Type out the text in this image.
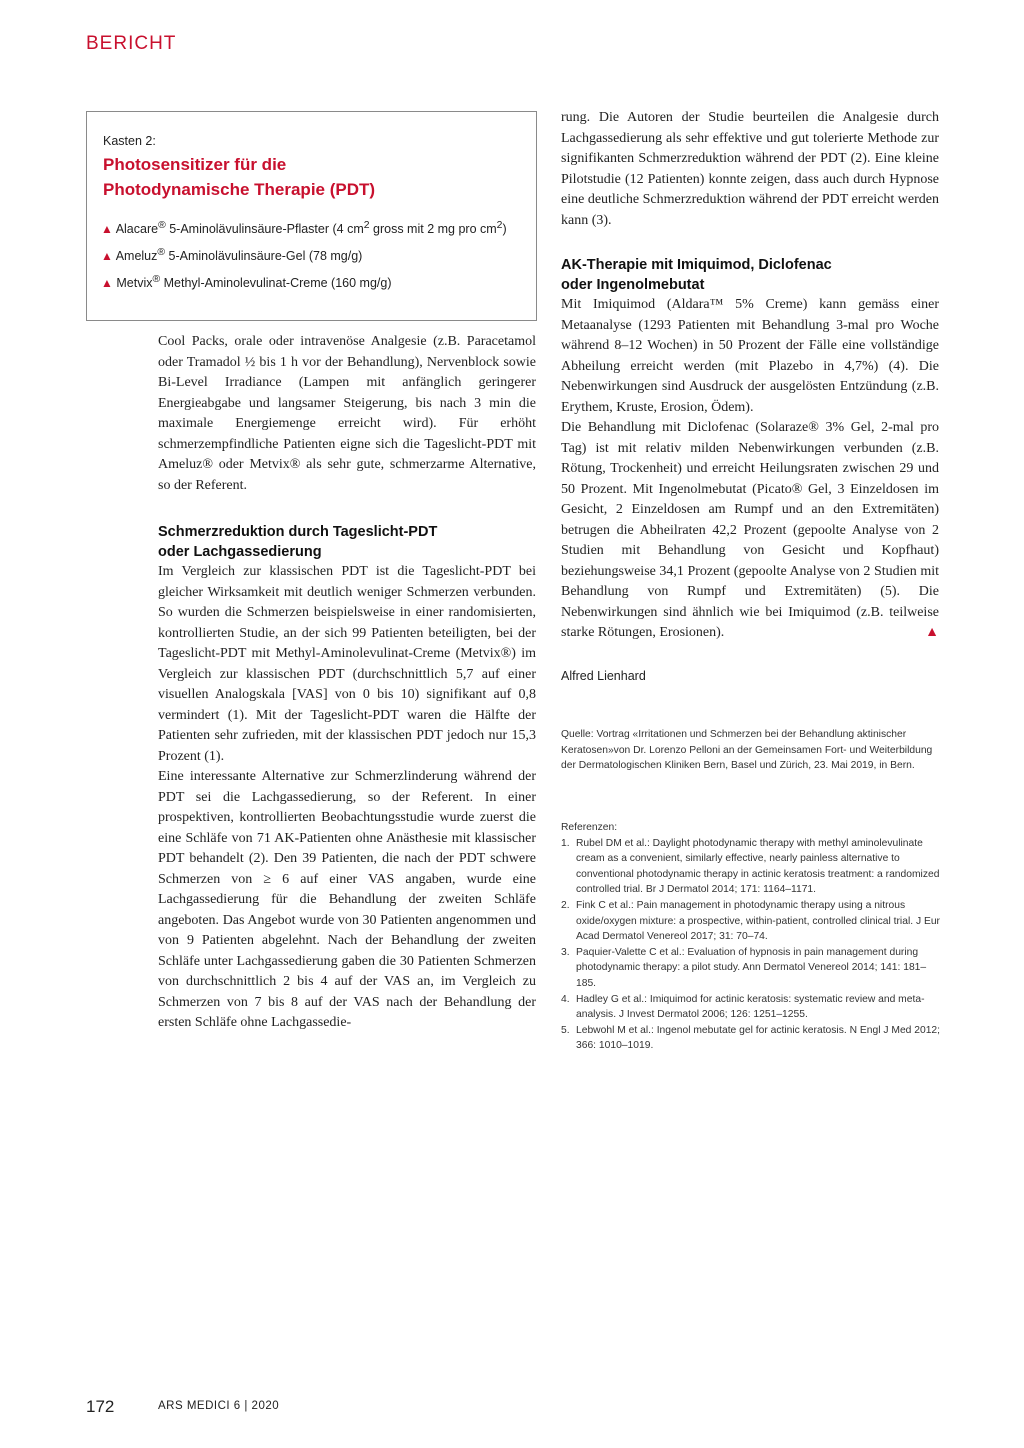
BERICHT
Kasten 2:
Photosensitizer für die
Photodynamische Therapie (PDT)
▲ Alacare® 5-Aminolävulinsäure-Pflaster (4 $cm^2$ gross mit 2 mg pro $cm^2$)
▲ Ameluz® 5-Aminolävulinsäure-Gel (78 mg/g)
▲ Metvix® Methyl-Aminolevulinat-Creme (160 mg/g)

Cool Packs, orale oder intravenöse Analgesie (z.B. Paracetamol oder Tramadol ½ bis 1 h vor der Behandlung), Nervenblock sowie Bi-Level Irradiance (Lampen mit anfänglich geringerer Energieabgabe und langsamer Steigerung, bis nach 3 min die maximale Energiemenge erreicht wird). Für erhöht schmerzempfindliche Patienten eigne sich die Tageslicht-PDT mit Ameluz® oder Metvix® als sehr gute, schmerzarme Alternative, so der Referent.

Schmerzreduktion durch Tageslicht-PDT
oder Lachgassedierung

Im Vergleich zur klassischen PDT ist die Tageslicht-PDT bei gleicher Wirksamkeit mit deutlich weniger Schmerzen verbunden. So wurden die Schmerzen beispielsweise in einer randomisierten, kontrollierten Studie, an der sich 99 Patienten beteiligten, bei der Tageslicht-PDT mit Methyl-Aminolevulinat-Creme (Metvix®) im Vergleich zur klassischen PDT (durchschnittlich 5,7 auf einer visuellen Analogskala [VAS] von 0 bis 10) signifikant auf 0,8 vermindert (1). Mit der Tageslicht-PDT waren die Hälfte der Patienten sehr zufrieden, mit der klassischen PDT jedoch nur 15,3 Prozent (1).

Eine interessante Alternative zur Schmerzlinderung während der PDT sei die Lachgassedierung, so der Referent. In einer prospektiven, kontrollierten Beobachtungsstudie wurde zuerst die eine Schläfe von 71 AK-Patienten ohne Anästhesie mit klassischer PDT behandelt (2). Den 39 Patienten, die nach der PDT schwere Schmerzen von ≥ 6 auf einer VAS angaben, wurde eine Lachgassedierung für die Behandlung der zweiten Schläfe angeboten. Das Angebot wurde von 30 Patienten angenommen und von 9 Patienten abgelehnt. Nach der Behandlung der zweiten Schläfe unter Lachgassedierung gaben die 30 Patienten Schmerzen von durchschnittlich 2 bis 4 auf der VAS an, im Vergleich zu Schmerzen von 7 bis 8 auf der VAS nach der Behandlung der ersten Schläfe ohne Lachgassedie-

rung. Die Autoren der Studie beurteilen die Analgesie durch Lachgassedierung als sehr effektive und gut tolerierte Methode zur signifikanten Schmerzreduktion während der PDT (2). Eine kleine Pilotstudie (12 Patienten) konnte zeigen, dass auch durch Hypnose eine deutliche Schmerzreduktion während der PDT erreicht werden kann (3).

AK-Therapie mit Imiquimod, Diclofenac
oder Ingenolmebutat

Mit Imiquimod (Aldara™ 5% Creme) kann gemäss einer Metaanalyse (1293 Patienten mit Behandlung 3-mal pro Woche während 8–12 Wochen) in 50 Prozent der Fälle eine vollständige Abheilung erreicht werden (mit Plazebo in 4,7%) (4). Die Nebenwirkungen sind Ausdruck der ausgelösten Entzündung (z.B. Erythem, Kruste, Erosion, Ödem).

Die Behandlung mit Diclofenac (Solaraze® 3% Gel, 2-mal pro Tag) ist mit relativ milden Nebenwirkungen verbunden (z.B. Rötung, Trockenheit) und erreicht Heilungsraten zwischen 29 und 50 Prozent. Mit Ingenolmebutat (Picato® Gel, 3 Einzeldosen im Gesicht, 2 Einzeldosen am Rumpf und an den Extremitäten) betrugen die Abheilraten 42,2 Prozent (gepoolte Analyse von 2 Studien mit Behandlung von Gesicht und Kopfhaut) beziehungsweise 34,1 Prozent (gepoolte Analyse von 2 Studien mit Behandlung von Rumpf und Extremitäten) (5). Die Nebenwirkungen sind ähnlich wie bei Imiquimod (z.B. teilweise starke Rötungen, Erosionen).	▲

Alfred Lienhard

Quelle: Vortrag «Irritationen und Schmerzen bei der Behandlung aktinischer Keratosen»von Dr. Lorenzo Pelloni an der Gemeinsamen Fort- und Weiterbildung der Dermatologischen Kliniken Bern, Basel und Zürich, 23. Mai 2019, in Bern.
Referenzen:
1. Rubel DM et al.: Daylight photodynamic therapy with methyl aminolevulinate cream as a convenient, similarly effective, nearly painless alternative to conventional photodynamic therapy in actinic keratosis treatment: a randomized controlled trial. Br J Dermatol 2014; 171: 1164–1171.
2. Fink C et al.: Pain management in photodynamic therapy using a nitrous oxide/oxygen mixture: a prospective, within-patient, controlled clinical trial. J Eur Acad Dermatol Venereol 2017; 31: 70–74.
3. Paquier-Valette C et al.: Evaluation of hypnosis in pain management during photodynamic therapy: a pilot study. Ann Dermatol Venereol 2014; 141: 181–185.
4. Hadley G et al.: Imiquimod for actinic keratosis: systematic review and meta-analysis. J Invest Dermatol 2006; 126: 1251–1255.
5. Lebwohl M et al.: Ingenol mebutate gel for actinic keratosis. N Engl J Med 2012; 366: 1010–1019.
172	ARS MEDICI 6 | 2020
